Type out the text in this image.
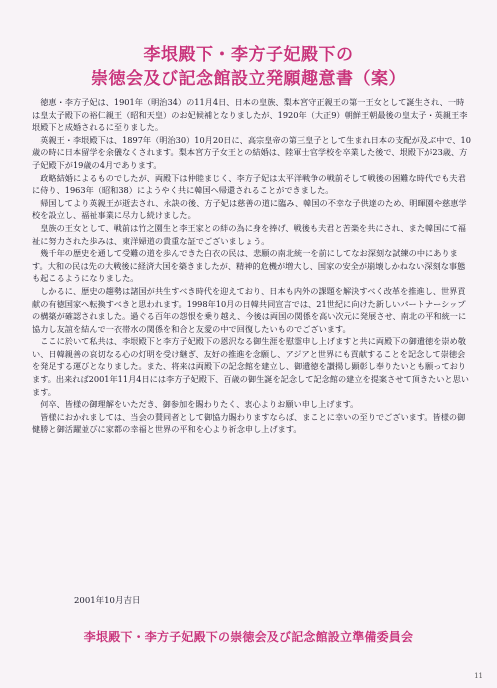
李垠殿下・李方子妃殿下の
崇徳会及び記念館設立発願趣意書（案）

徳恵・李方子妃は、1901年（明治34）の11月4日、日本の皇族、梨本宮守正親王の第一王女として誕生され、一時は皇太子殿下の裕仁親王（昭和天皇）のお妃候補となりましたが、1920年（大正9）朝鮮王朝最後の皇太子・英親王李垠殿下と成婚されるに至りました。

英親王・李垠殿下は、1897年（明治30）10月20日に、高宗皇帝の第三皇子として生まれ日本の支配が及ぶ中で、10歳の時に日本留学を余儀なくされます。梨本宮方子女王との結婚は、陸軍士官学校を卒業した後で、垠殿下が23歳、方子妃殿下が19歳の4月であります。

政略結婚によるものでしたが、両殿下は仲睦まじく、李方子妃は太平洋戦争の戦前そして戦後の困難な時代でも夫君に侍り、1963年（昭和38）にようやく共に韓国へ帰還されることができました。

帰国してより英親王が逝去され、永訣の後、方子妃は慈善の道に臨み、韓国の不幸な子供達のため、明暉園や慈恵学校を設立し、福祉事業に尽力し続けました。

皇族の王女として、戦前は竹之園生と李王家との絆の為に身を捧げ、戦後も夫君と苦楽を共にされ、また韓国にて福祉に努力された歩みは、東洋婦道の貴重な証でございましょう。

幾千年の歴史を通して受難の道を歩んできた白衣の民は、悲願の南北統一を前にしてなお深刻な試練の中にあります。大和の民は先の大戦後に経済大国を築きましたが、精神的危機が増大し、国家の安全が崩壊しかねない深刻な事態も起こるようになりました。

しかるに、歴史の趨勢は諸国が共生すべき時代を迎えており、日本も内外の課題を解決すべく改革を推進し、世界貢献の有徳国家へ転換すべきと思われます。1998年10月の日韓共同宣言では、21世紀に向けた新しいパートナーシップの構築が確認されました。過ぐる百年の怨恨を乗り越え、今後は両国の関係を高い次元に発展させ、南北の平和統一に協力し友誼を結んで一衣帯水の関係を和合と友愛の中で回復したいものでございます。

ここに於いて私共は、李垠殿下と李方子妃殿下の恩沢なる御生涯を慰霊申し上げますと共に両殿下の御遺徳を崇め敬い、日韓親善の哀切なる心の灯明を受け継ぎ、友好の推進を念願し、アジアと世界にも貢献することを記念して崇徳会を発足する運びとなりました。また、将来は両殿下の記念館を建立し、御遺徳を讃揚し顕彰し奉りたいとも願っております。出来れば2001年11月4日には李方子妃殿下、百歳の御生誕を記念して記念館の建立を提案させて頂きたいと思います。

何卒、皆様の御理解をいただき、御参加を賜わりたく、衷心よりお願い申し上げます。

皆様におかれましては、当会の賛同者として御協力賜わりますならば、まことに幸いの至りでございます。皆様の御健勝と御活躍並びに家都の幸福と世界の平和を心より祈念申し上げます。

2001年10月吉日
李垠殿下・李方子妃殿下の崇徳会及び記念館設立準備委員会
11
